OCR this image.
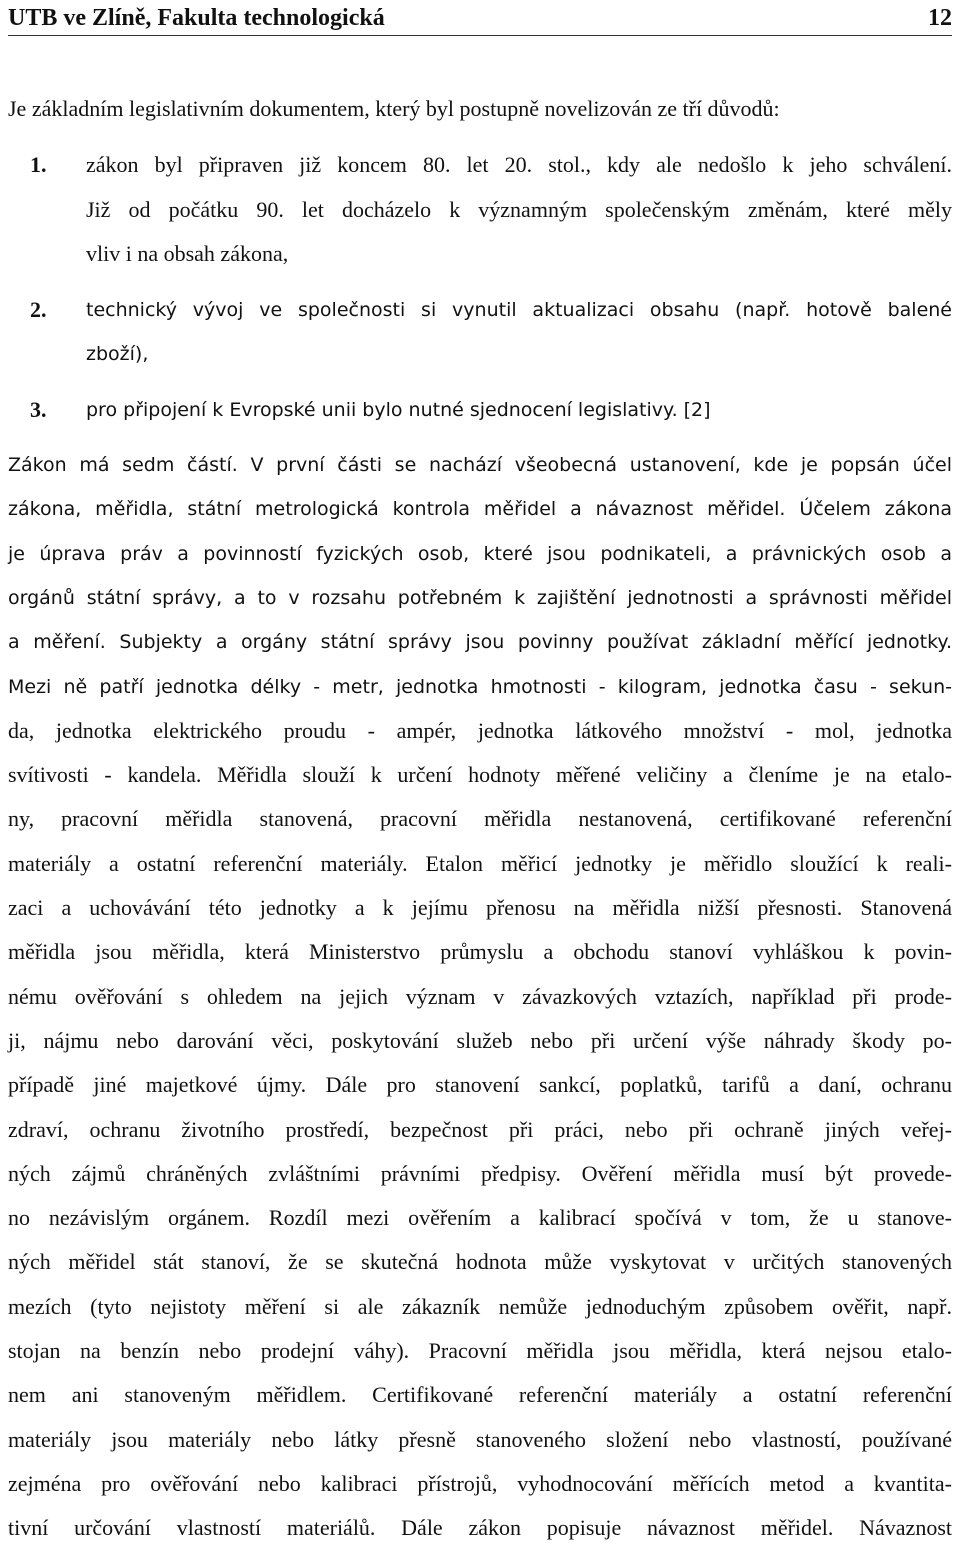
UTB ve Zlíně, Fakulta technologická	12
Je základním legislativním dokumentem, který byl postupně novelizován ze tří důvodů:
1. zákon byl připraven již koncem 80. let 20. stol., kdy ale nedošlo k jeho schválení.
Již od počátku 90. let docházelo k významným společenským změnám, které měly
vliv i na obsah zákona,
2. technický vývoj ve společnosti si vynutil aktualizaci obsahu (např. hotově balené
zboží),
3. pro připojení k Evropské unii bylo nutné sjednocení legislativy. [2]
Zákon má sedm částí. V první části se nachází všeobecná ustanovení, kde je popsán účel
zákona, měřidla, státní metrologická kontrola měřidel a návaznost měřidel. Účelem zákona
je úprava práv a povinností fyzických osob, které jsou podnikateli, a právnických osob a
orgánů státní správy, a to v rozsahu potřebném k zajištění jednotnosti a správnosti měřidel
a měření. Subjekty a orgány státní správy jsou povinny používat základní měřící jednotky.
Mezi ně patří jednotka délky - metr, jednotka hmotnosti - kilogram, jednotka času - sekun-
da, jednotka elektrického proudu - ampér, jednotka látkového množství - mol, jednotka
svítivosti - kandela. Měřidla slouží k určení hodnoty měřené veličiny a členíme je na etalo-
ny, pracovní měřidla stanovená, pracovní měřidla nestanovená, certifikované referenční
materiály a ostatní referenční materiály. Etalon měřicí jednotky je měřidlo sloužící k reali-
zaci a uchovávání této jednotky a k jejímu přenosu na měřidla nižší přesnosti. Stanovená
měřidla jsou měřidla, která Ministerstvo průmyslu a obchodu stanoví vyhláškou k povin-
nému ověřování s ohledem na jejich význam v závazkových vztazích, například při prode-
ji, nájmu nebo darování věci, poskytování služeb nebo při určení výše náhrady škody po-
případě jiné majetkové újmy. Dále pro stanovení sankcí, poplatků, tarifů a daní, ochranu
zdraví, ochranu životního prostředí, bezpečnost při práci, nebo při ochraně jiných veřej-
ných zájmů chráněných zvláštními právními předpisy. Ověření měřidla musí být provede-
no nezávislým orgánem. Rozdíl mezi ověřením a kalibrací spočívá v tom, že u stanove-
ných měřidel stát stanoví, že se skutečná hodnota může vyskytovat v určitých stanovených
mezích (tyto nejistoty měření si ale zákazník nemůže jednoduchým způsobem ověřit, např.
stojan na benzín nebo prodejní váhy). Pracovní měřidla jsou měřidla, která nejsou etalo-
nem ani stanoveným měřidlem. Certifikované referenční materiály a ostatní referenční
materiály jsou materiály nebo látky přesně stanoveného složení nebo vlastností, používané
zejména pro ověřování nebo kalibraci přístrojů, vyhodnocování měřících metod a kvantita-
tivní určování vlastností materiálů. Dále zákon popisuje návaznost měřidel. Návaznost
